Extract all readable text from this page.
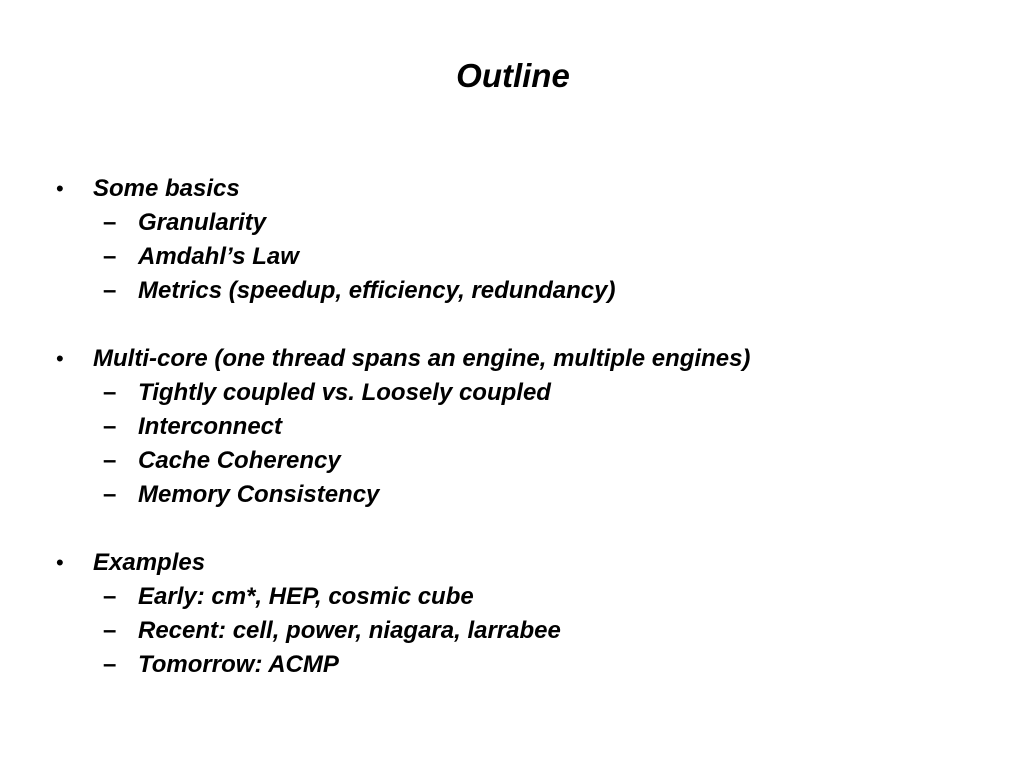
Outline
• Some basics
– Granularity
– Amdahl’s Law
– Metrics (speedup, efficiency, redundancy)
• Multi-core (one thread spans an engine, multiple engines)
– Tightly coupled vs. Loosely coupled
– Interconnect
– Cache Coherency
– Memory Consistency
• Examples
– Early: cm*, HEP, cosmic cube
– Recent: cell, power, niagara, larrabee
– Tomorrow: ACMP
